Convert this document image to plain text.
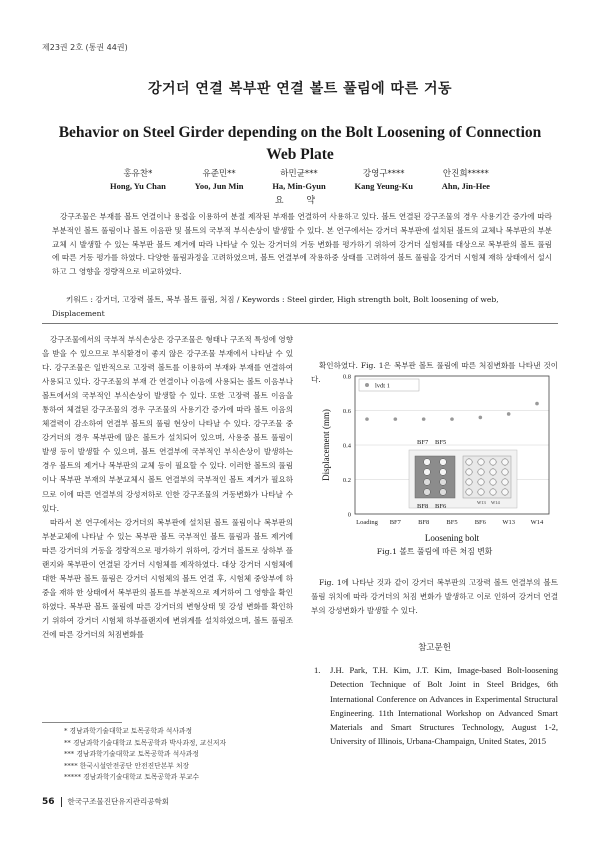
제23권 2호 (통권 44권)
강거더 연결 복부판 연결 볼트 풀림에 따른 거동
Behavior on Steel Girder depending on the Bolt Loosening of Connection Web Plate
홍유찬*
Hong, Yu Chan
유준민**
Yoo, Jun Min
하민균***
Ha, Min-Gyun
강영구****
Kang Yeung-Ku
안진희*****
Ahn, Jin-Hee
요 약
강구조물은 부재를 볼트 연결이나 용접을 이용하여 분절 제작된 부재를 연결하여 사용하고 있다. 볼트 연결된 강구조물의 경우 사용기간 증가에 따라 부분적인 볼트 풀림이나 볼트 이음판 및 볼트의 국부적 부식손상이 발생할 수 있다. 본 연구에서는 강거더 복부판에 설치된 볼트의 교체나 복부판의 부분 교체 시 발생할 수 있는 복부판 볼트 제거에 따라 나타날 수 있는 강거더의 거동 변화를 평가하기 위하여 강거더 실험체를 대상으로 복부판의 볼트 풀림에 따른 거동 평가를 하였다. 다양한 풀림과정을 고려하였으며, 볼트 연결부에 작용하중 상태를 고려하여 볼트 풀림을 강거더 시험체 재하 상태에서 설시하고 그 영향을 정량적으로 비교하였다.
키워드 : 강거더, 고장력 볼트, 복부 볼트 풀림, 처짐 / Keywords : Steel girder, High strength bolt, Bolt loosening of web, Displacement

강구조물에서의 국부적 부식손상은 강구조물은 형태나 구조적 특성에 영향을 받을 수 있으므로 부식환경이 좋지 않은 강구조물 부재에서 나타날 수 있다. 강구조물은 일반적으로 고장력 볼트를 이용하여 부재와 부재를 연결하여 사용되고 있다. 강구조물의 부재 간 연결이나 이음에 사용되는 볼트 이음부나 볼트에서의 국부적인 부식손상이 발생할 수 있다. 또한 고장력 볼트 이음을 통하여 체결된 강구조물의 경우 구조물의 사용기간 증가에 따라 볼트 이음의 체결력이 감소하여 연결부 볼트의 풀림 현상이 나타날 수 있다. 강구조물 중 강거더의 경우 복부판에 많은 볼트가 설치되어 있으며, 사용중 볼트 풀림이 발생 등이 발생할 수 있으며, 볼트 연결부에 국부적인 부식손상이 발생하는 경우 볼트의 제거나 복부판의 교체 등이 필요할 수 있다. 이러한 볼트의 풀림이나 복부판 부재의 부분교체시 볼트 연결부의 국부적인 볼트 제거가 필요하므로 이에 따른 연결부의 강성저하로 인한 강구조물의 거동변화가 나타날 수 있다.

따라서 본 연구에서는 강거더의 복부판에 설치된 볼트 풀림이나 복부판의 부분교체에 나타날 수 있는 복부판 볼트 국부적인 볼트 풀림과 볼트 제거에 따른 강거더의 거동을 정량적으로 평가하기 위하여, 강거더 볼트로 상하부 플랜지와 복부판이 연결된 강거더 시험체를 제작하였다. 대상 강거더 시험체에 대한 복부판 볼트 풀림은 강거더 시험체의 볼트 연결 후, 시험체 중앙부에 하중을 재하 한 상태에서 복부판의 볼트를 부분적으로 제거하여 그 영향을 확인하였다. 복부판 볼트 풀림에 따른 강거더의 변형상태 및 강성 변화를 확인하기 위하여 강거더 시험체 하부플랜지에 변위계를 설치하였으며, 볼트 풀림조건에 따른 강거더의 처짐변화를

확인하였다. Fig. 1은 복부판 볼트 풀림에 따른 처짐변화를 나타낸 것이다.
0
0.2
0.4
0.6
0.8
Loading BF7	BF8	BF5	BF6	W13 W14
Loosening bolt
Displacement (mm)
lvdt 1
BF7 BF5
BF8 BF6
W13 W14
Fig.1 볼트 풀림에 따른 처짐 변화
Fig. 1에 나타난 것과 같이 강거더 복부판의 고장력 볼트 연결부의 볼트 풀림 위치에 따라 강거더의 처짐 변화가 발생하고 이로 인하여 강거더 연결부의 강성변화가 발생할 수 있다.
참고문헌
1. J.H. Park, T.H. Kim, J.T. Kim, Image-based Bolt-loosening Detection Technique of Bolt Joint in Steel Bridges, 6th International Conference on Advances in Experimental Structural Engineering. 11th International Workshop on Advanced Smart Materials and Smart Structures Technology, August 1-2, University of Illinois, Urbana-Champaign, United States, 2015
* 경남과학기술대학교 토목공학과 석사과정
** 경남과학기술대학교 토목공학과 박사과정, 교신저자
*** 경남과학기술대학교 토목공학과 석사과정
**** 한국시설안전공단 안전진단본부 처장
***** 경남과학기술대학교 토목공학과 부교수
56	한국구조물진단유지관리공학회
